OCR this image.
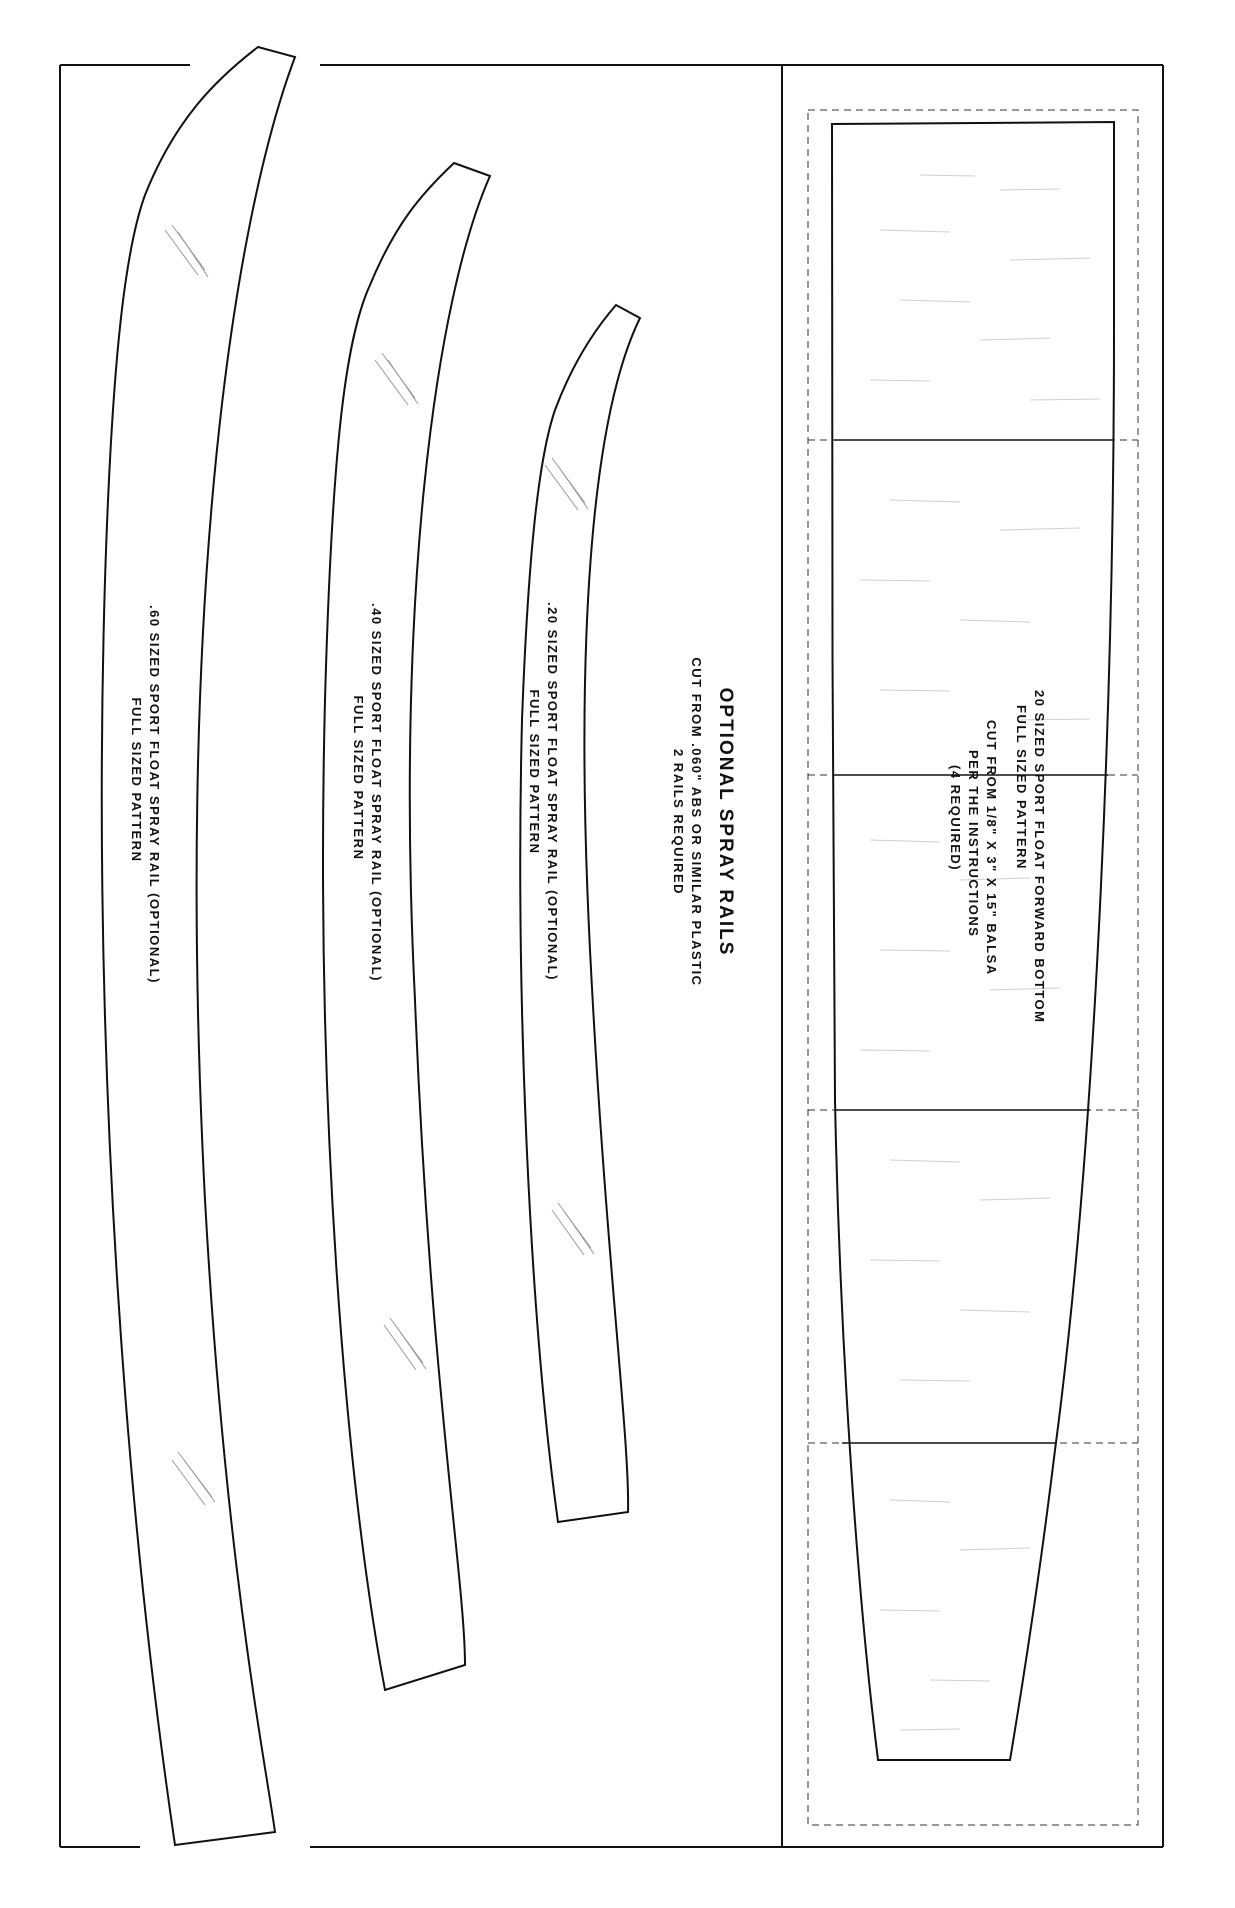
OPTIONAL SPRAY RAILS
CUT FROM .060" ABS OR SIMILAR PLASTIC
2 RAILS REQUIRED
.20 SIZED SPORT FLOAT SPRAY RAIL (OPTIONAL)
FULL SIZED PATTERN
.40 SIZED SPORT FLOAT SPRAY RAIL (OPTIONAL)
FULL SIZED PATTERN
.60 SIZED SPORT FLOAT SPRAY RAIL (OPTIONAL)
FULL SIZED PATTERN	20 SIZED SPORT FLOAT FORWARD BOTTOM
FULL SIZED PATTERN
CUT FROM 1/8" X 3" X 15" BALSA
PER THE INSTRUCTIONS
(4 REQUIRED)
